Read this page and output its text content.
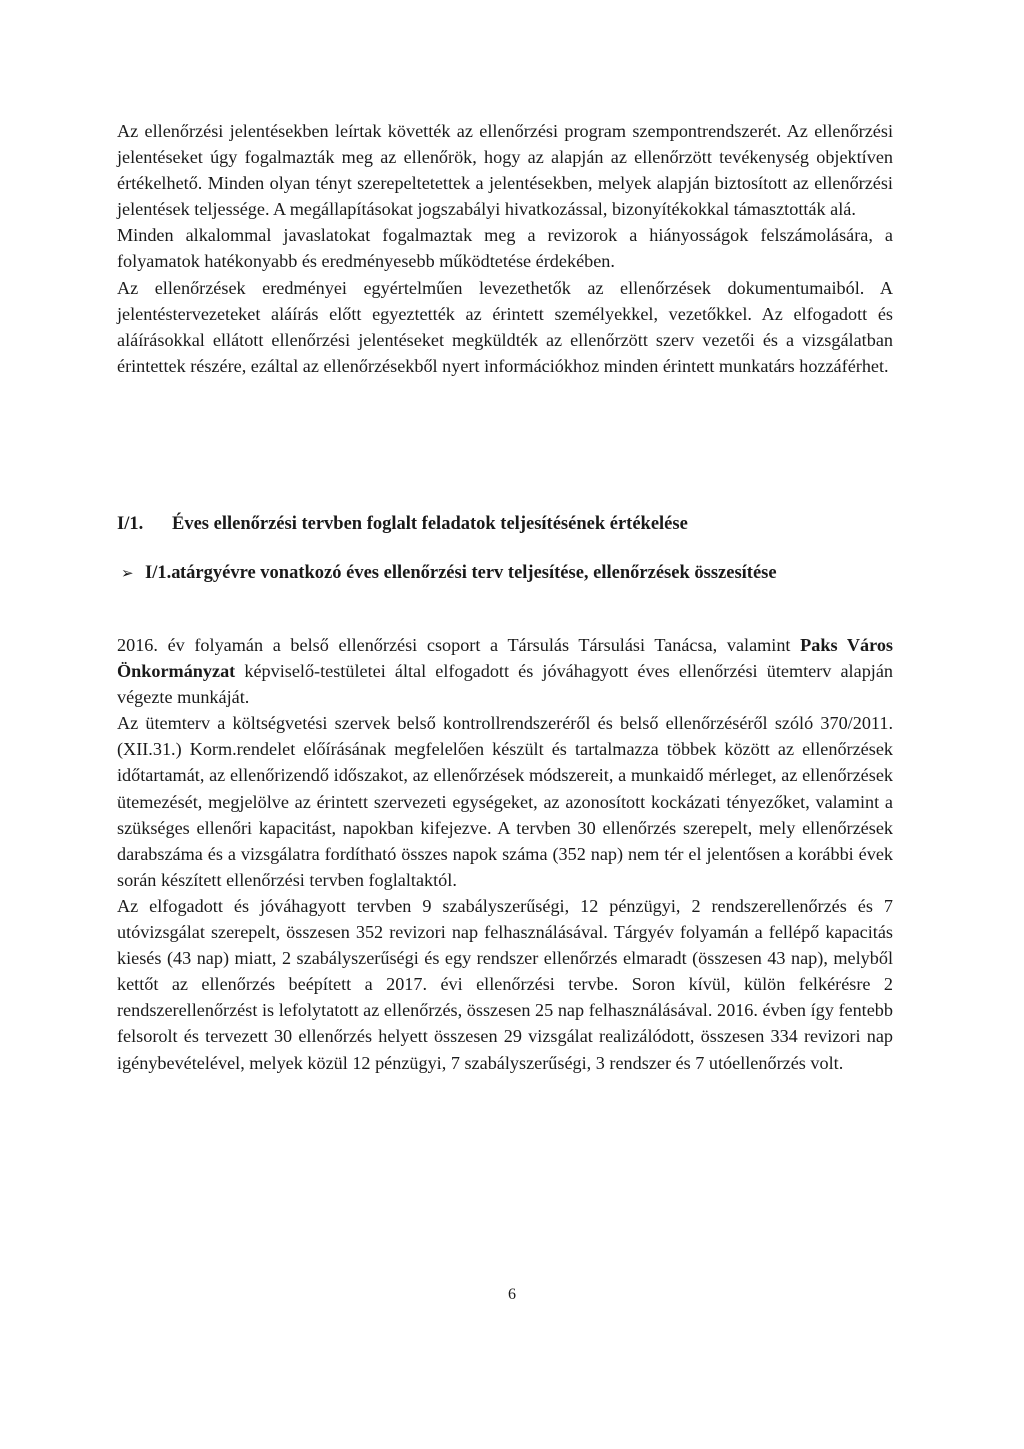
Az ellenőrzési jelentésekben leírtak követték az ellenőrzési program szempontrendszerét. Az ellenőrzési jelentéseket úgy fogalmazták meg az ellenőrök, hogy az alapján az ellenőrzött tevékenység objektíven értékelhető. Minden olyan tényt szerepeltetettek a jelentésekben, melyek alapján biztosított az ellenőrzési jelentések teljessége. A megállapításokat jogszabályi hivatkozással, bizonyítékokkal támasztották alá.

Minden alkalommal javaslatokat fogalmaztak meg a revizorok a hiányosságok felszámolására, a folyamatok hatékonyabb és eredményesebb működtetése érdekében.

Az ellenőrzések eredményei egyértelműen levezethetők az ellenőrzések dokumentumaiból. A jelentéstervezeteket aláírás előtt egyeztették az érintett személyekkel, vezetőkkel. Az elfogadott és aláírásokkal ellátott ellenőrzési jelentéseket megküldték az ellenőrzött szerv vezetői és a vizsgálatban érintettek részére, ezáltal az ellenőrzésekből nyert információkhoz minden érintett munkatárs hozzáférhet.

I/1.	Éves ellenőrzési tervben foglalt feladatok teljesítésének értékelése
➢ I/1.a.
tárgyévre vonatkozó éves ellenőrzési terv teljesítése, ellenőrzések összesítése

2016. év folyamán a belső ellenőrzési csoport a Társulás Társulási Tanácsa, valamint Paks Város Önkormányzat képviselő-testületei által elfogadott és jóváhagyott éves ellenőrzési ütemterv alapján végezte munkáját.

Az ütemterv a költségvetési szervek belső kontrollrendszeréről és belső ellenőrzéséről szóló 370/2011. (XII.31.) Korm.rendelet előírásának megfelelően készült és tartalmazza többek között az ellenőrzések időtartamát, az ellenőrizendő időszakot, az ellenőrzések módszereit, a munkaidő mérleget, az ellenőrzések ütemezését, megjelölve az érintett szervezeti egységeket, az azonosított kockázati tényezőket, valamint a szükséges ellenőri kapacitást, napokban kifejezve. A tervben 30 ellenőrzés szerepelt, mely ellenőrzések darabszáma és a vizsgálatra fordítható összes napok száma (352 nap) nem tér el jelentősen a korábbi évek során készített ellenőrzési tervben foglaltaktól.

Az elfogadott és jóváhagyott tervben 9 szabályszerűségi, 12 pénzügyi, 2 rendszerellenőrzés és 7 utóvizsgálat szerepelt, összesen 352 revizori nap felhasználásával. Tárgyév folyamán a fellépő kapacitás kiesés (43 nap) miatt, 2 szabályszerűségi és egy rendszer ellenőrzés elmaradt (összesen 43 nap), melyből kettőt az ellenőrzés beépített a 2017. évi ellenőrzési tervbe. Soron kívül, külön felkérésre 2 rendszerellenőrzést is lefolytatott az ellenőrzés, összesen 25 nap felhasználásával. 2016. évben így fentebb felsorolt és tervezett 30 ellenőrzés helyett összesen 29 vizsgálat realizálódott, összesen 334 revizori nap igénybevételével, melyek közül 12 pénzügyi, 7 szabályszerűségi, 3 rendszer és 7 utóellenőrzés volt.

6
